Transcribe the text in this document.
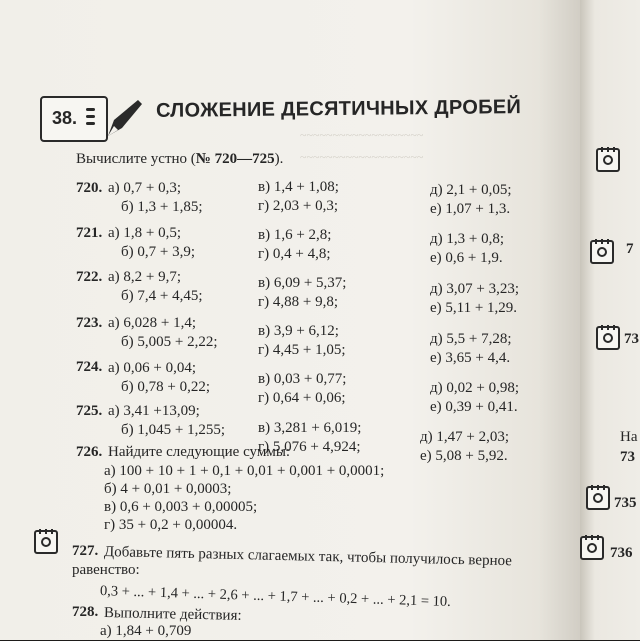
~~~~~~~~~~~~~~~~~~~
~~~~~~~~~~~~~~~~~~~
38.	СЛОЖЕНИЕ ДЕСЯТИЧНЫХ ДРОБЕЙ
Вычислите устно (№ 720—725).
720. а) 0,7 + 0,3;
б) 1,3 + 1,85;
в) 1,4 + 1,08;
г) 2,03 + 0,3;
д) 2,1 + 0,05;
е) 1,07 + 1,3.
721. а) 1,8 + 0,5;
б) 0,7 + 3,9;
в) 1,6 + 2,8;
г) 0,4 + 4,8;
д) 1,3 + 0,8;
е) 0,6 + 1,9.
722. а) 8,2 + 9,7;
б) 7,4 + 4,45;
в) 6,09 + 5,37;
г) 4,88 + 9,8;
д) 3,07 + 3,23;
е) 5,11 + 1,29.
723. а) 6,028 + 1,4;
б) 5,005 + 2,22;
в) 3,9 + 6,12;
г) 4,45 + 1,05;
д) 5,5 + 7,28;
е) 3,65 + 4,4.
724. а) 0,06 + 0,04;
б) 0,78 + 0,22;	в) 0,03 + 0,77;
г) 0,64 + 0,06;
д) 0,02 + 0,98;
е) 0,39 + 0,41.
725. а) 3,41 +13,09;
б) 1,045 + 1,255; в) 3,281 + 6,019;
г) 5,076 + 4,924;
д) 1,47 + 2,03;
е) 5,08 + 5,92.
726. Найдите следующие суммы:
а) 100 + 10 + 1 + 0,1 + 0,01 + 0,001 + 0,0001;
б) 4 + 0,01 + 0,0003;
в) 0,6 + 0,003 + 0,00005;
г) 35 + 0,2 + 0,00004.
727. Добавьте пять разных слагаемых так, чтобы получилось верное
равенство:
0,3 + ... + 1,4 + ... + 2,6 + ... + 1,7 + ... + 0,2 + ... + 2,1 = 10.
728. Выполните действия:
а) 1,84 + 0,709
7
73
На
73
735
736
